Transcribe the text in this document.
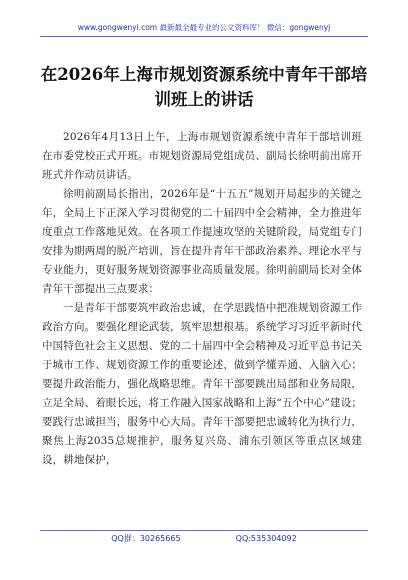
www.gongwenyi.com 最新最全最专业的公文资料库！ 微信：gongwenyj
在2026年上海市规划资源系统中青年干部培训班上的讲话

2026年4月13日上午，上海市规划资源系统中青年干部培训班在市委党校正式开班。市规划资源局党组成员、副局长徐明前出席开班式并作动员讲话。

徐明前副局长指出，2026年是“十五五”规划开局起步的关键之年，全局上下正深入学习贯彻党的二十届四中全会精神，全力推进年度重点工作落地见效。在各项工作提速攻坚的关键阶段，局党组专门安排为期两周的脱产培训，旨在提升青年干部政治素养、理论水平与专业能力，更好服务规划资源事业高质量发展。徐明前副局长对全体青年干部提出三点要求：

一是青年干部要筑牢政治忠诚，在学思践悟中把准规划资源工作政治方向。要强化理论武装，筑牢思想根基。系统学习习近平新时代中国特色社会主义思想、党的二十届四中全会精神及习近平总书记关于城市工作、规划资源工作的重要论述，做到学懂弄通、入脑入心；要提升政治能力，强化战略思维。青年干部要跳出局部和业务局限，立足全局、着眼长远，将工作融入国家战略和上海“五个中心”建设；要践行忠诚担当，服务中心大局。青年干部要把忠诚转化为执行力，聚焦上海2035总规推护，服务复兴岛、浦东引领区等重点区域建设，耕地保护，

QQ群：30265665	QQ:535304092
